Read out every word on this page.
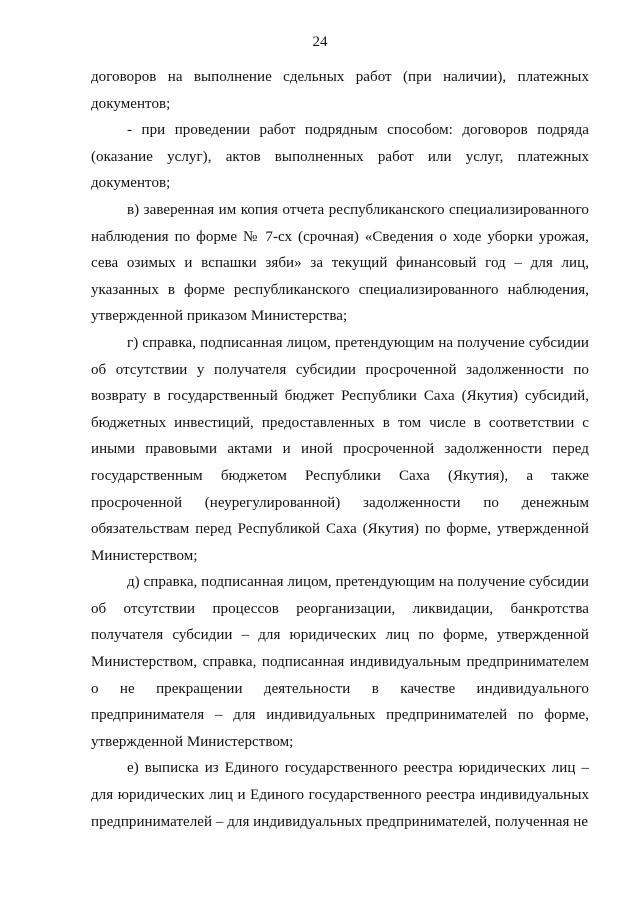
24

договоров на выполнение сдельных работ (при наличии), платежных документов;

- при проведении работ подрядным способом: договоров подряда (оказание услуг), актов выполненных работ или услуг, платежных документов;

в) заверенная им копия отчета республиканского специализированного наблюдения по форме № 7-сх (срочная) «Сведения о ходе уборки урожая, сева озимых и вспашки зяби» за текущий финансовый год – для лиц, указанных в форме республиканского специализированного наблюдения, утвержденной приказом Министерства;

г) справка, подписанная лицом, претендующим на получение субсидии об отсутствии у получателя субсидии просроченной задолженности по возврату в государственный бюджет Республики Саха (Якутия) субсидий, бюджетных инвестиций, предоставленных в том числе в соответствии с иными правовыми актами и иной просроченной задолженности перед государственным бюджетом Республики Саха (Якутия), а также просроченной (неурегулированной) задолженности по денежным обязательствам перед Республикой Саха (Якутия) по форме, утвержденной Министерством;

д) справка, подписанная лицом, претендующим на получение субсидии об отсутствии процессов реорганизации, ликвидации, банкротства получателя субсидии – для юридических лиц по форме, утвержденной Министерством, справка, подписанная индивидуальным предпринимателем о не прекращении деятельности в качестве индивидуального предпринимателя – для индивидуальных предпринимателей по форме, утвержденной Министерством;

е) выписка из Единого государственного реестра юридических лиц – для юридических лиц и Единого государственного реестра индивидуальных предпринимателей – для индивидуальных предпринимателей, полученная не
